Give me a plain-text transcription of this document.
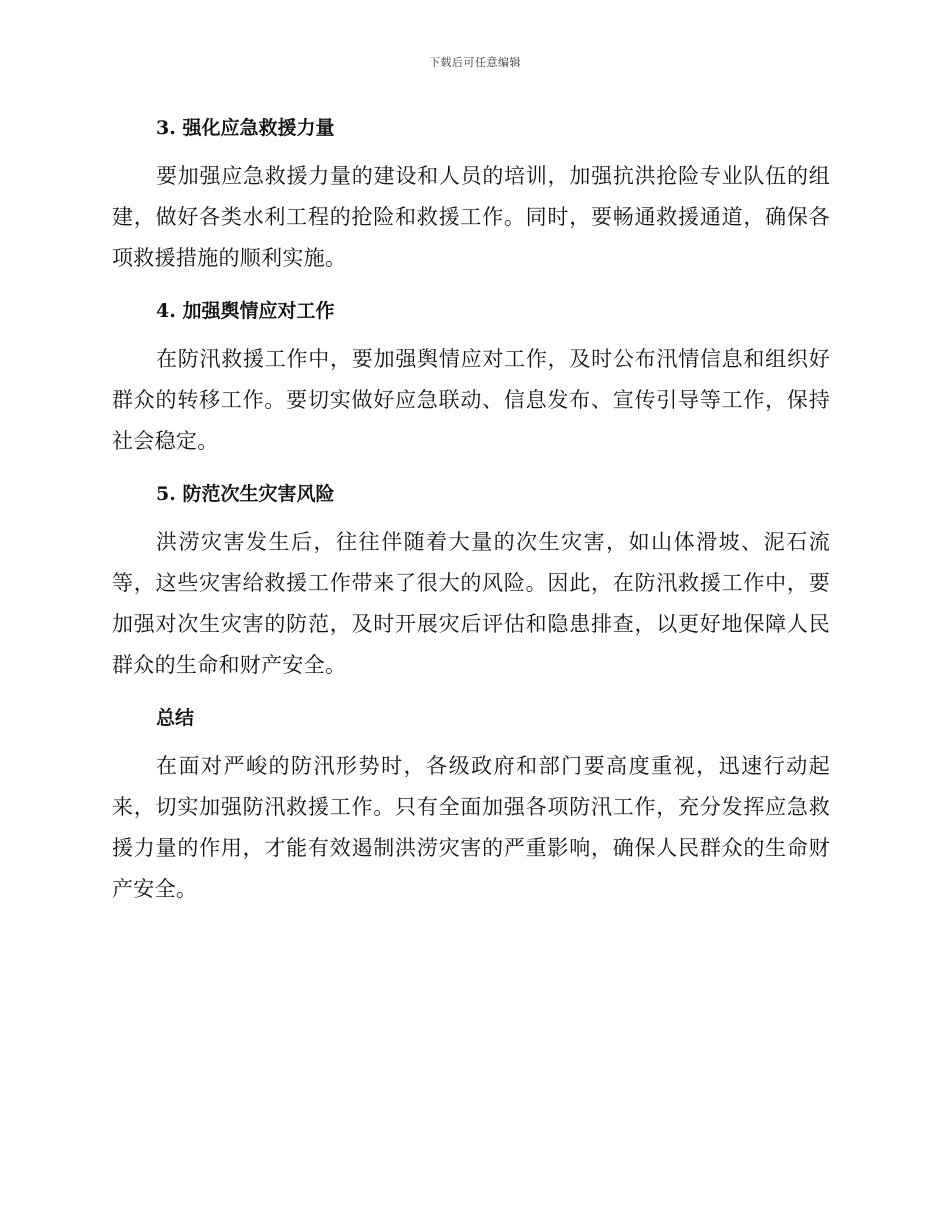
下载后可任意编辑
3. 强化应急救援力量

要加强应急救援力量的建设和人员的培训，加强抗洪抢险专业队伍的组建，做好各类水利工程的抢险和救援工作。同时，要畅通救援通道，确保各项救援措施的顺利实施。

4. 加强舆情应对工作

在防汛救援工作中，要加强舆情应对工作，及时公布汛情信息和组织好群众的转移工作。要切实做好应急联动、信息发布、宣传引导等工作，保持社会稳定。

5. 防范次生灾害风险

洪涝灾害发生后，往往伴随着大量的次生灾害，如山体滑坡、泥石流等，这些灾害给救援工作带来了很大的风险。因此，在防汛救援工作中，要加强对次生灾害的防范，及时开展灾后评估和隐患排查，以更好地保障人民群众的生命和财产安全。

总结

在面对严峻的防汛形势时，各级政府和部门要高度重视，迅速行动起来，切实加强防汛救援工作。只有全面加强各项防汛工作，充分发挥应急救援力量的作用，才能有效遏制洪涝灾害的严重影响，确保人民群众的生命财产安全。
